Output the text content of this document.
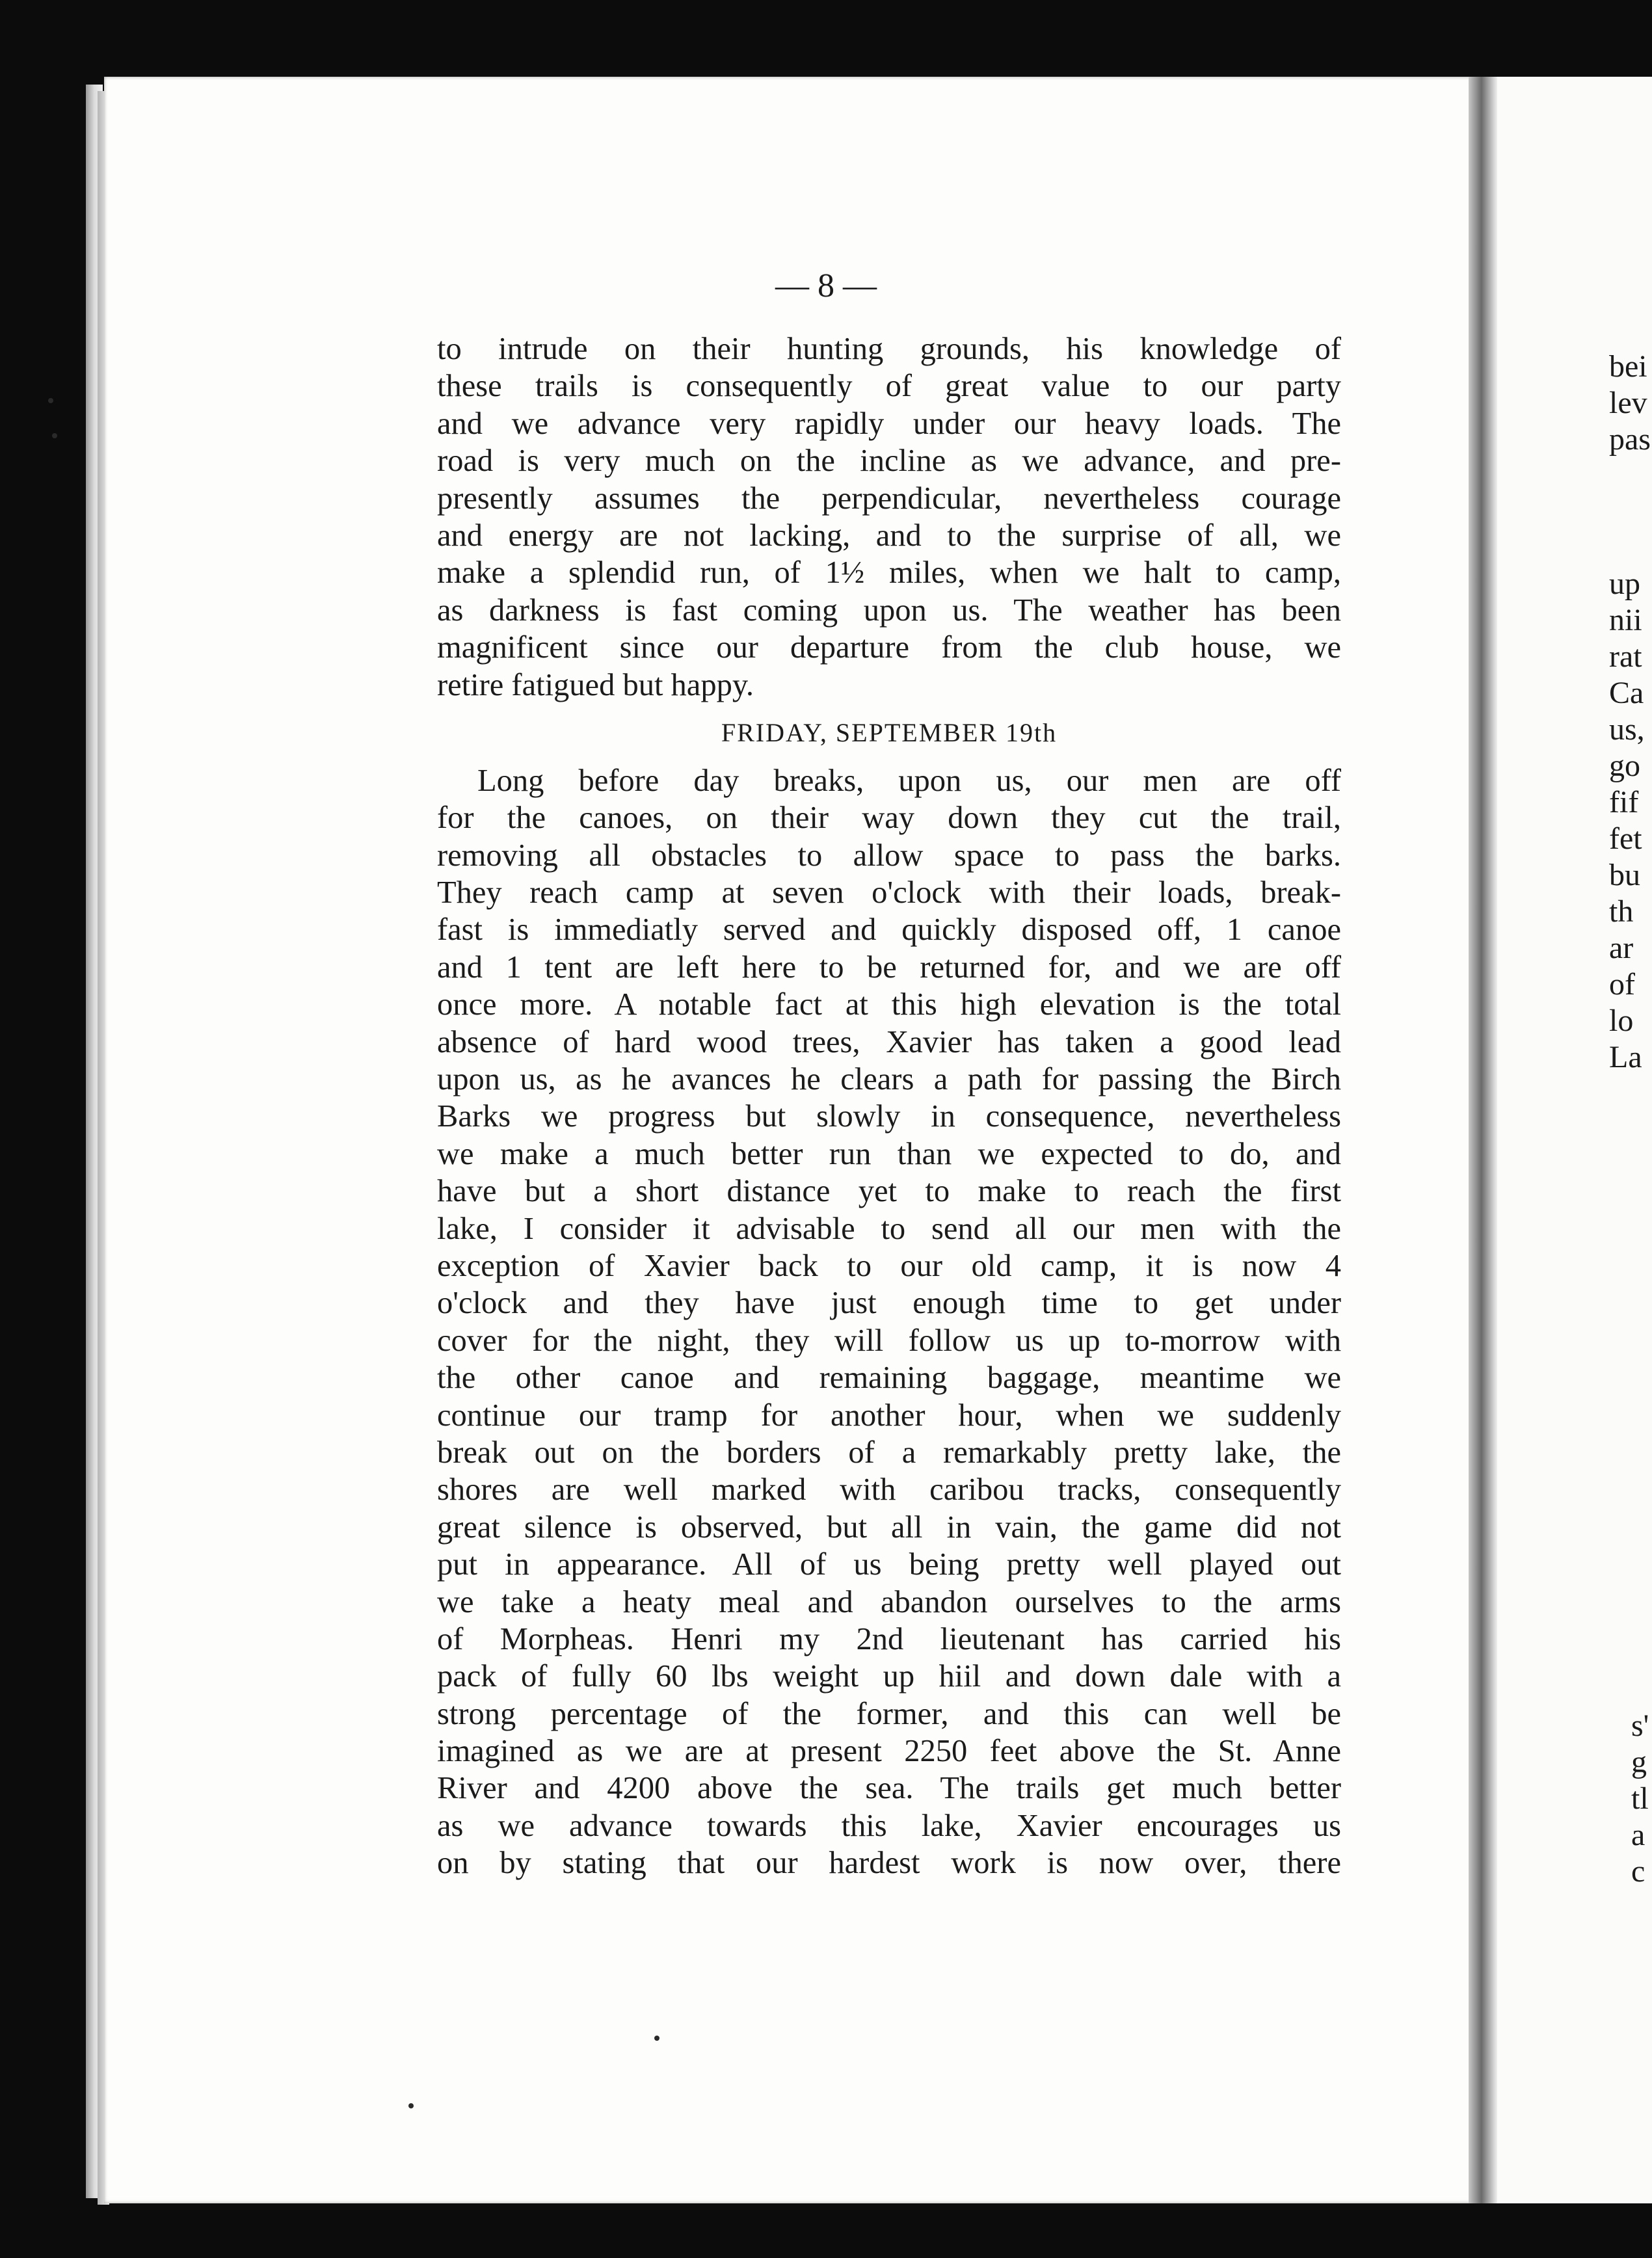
— 8 —
to intrude on their hunting grounds, his knowledge of
these trails is consequently of great value to our party
and we advance very rapidly under our heavy loads. The
road is very much on the incline as we advance, and pre-
presently assumes the perpendicular, nevertheless courage
and energy are not lacking, and to the surprise of all, we
make a splendid run, of 1½ miles, when we halt to camp,
as darkness is fast coming upon us. The weather has been
magnificent since our departure from the club house, we
retire fatigued but happy.
FRIDAY, SEPTEMBER 19th
Long before day breaks, upon us, our men are off
for the canoes, on their way down they cut the trail,
removing all obstacles to allow space to pass the barks.
They reach camp at seven o'clock with their loads, break-
fast is immediatly served and quickly disposed off, 1 canoe
and 1 tent are left here to be returned for, and we are off
once more. A notable fact at this high elevation is the total
absence of hard wood trees, Xavier has taken a good lead
upon us, as he avances he clears a path for passing the Birch
Barks we progress but slowly in consequence, nevertheless
we make a much better run than we expected to do, and
have but a short distance yet to make to reach the first
lake, I consider it advisable to send all our men with the
exception of Xavier back to our old camp, it is now 4
o'clock and they have just enough time to get under
cover for the night, they will follow us up to-morrow with
the other canoe and remaining baggage, meantime we
continue our tramp for another hour, when we suddenly
break out on the borders of a remarkably pretty lake, the
shores are well marked with caribou tracks, consequently
great silence is observed, but all in vain, the game did not
put in appearance. All of us being pretty well played out
we take a heaty meal and abandon ourselves to the arms
of Morpheas. Henri my 2nd lieutenant has carried his
pack of fully 60 lbs weight up hiil and down dale with a
strong percentage of the former, and this can well be
imagined as we are at present 2250 feet above the St. Anne
River and 4200 above the sea. The trails get much better
as we advance towards this lake, Xavier encourages us
on by stating that our hardest work is now over, there
bei
lev
pas
up
nii
rat
Ca
us,
go
fif
fet
bu
th
ar
of
lo
La
s'
g
tl
a
c
